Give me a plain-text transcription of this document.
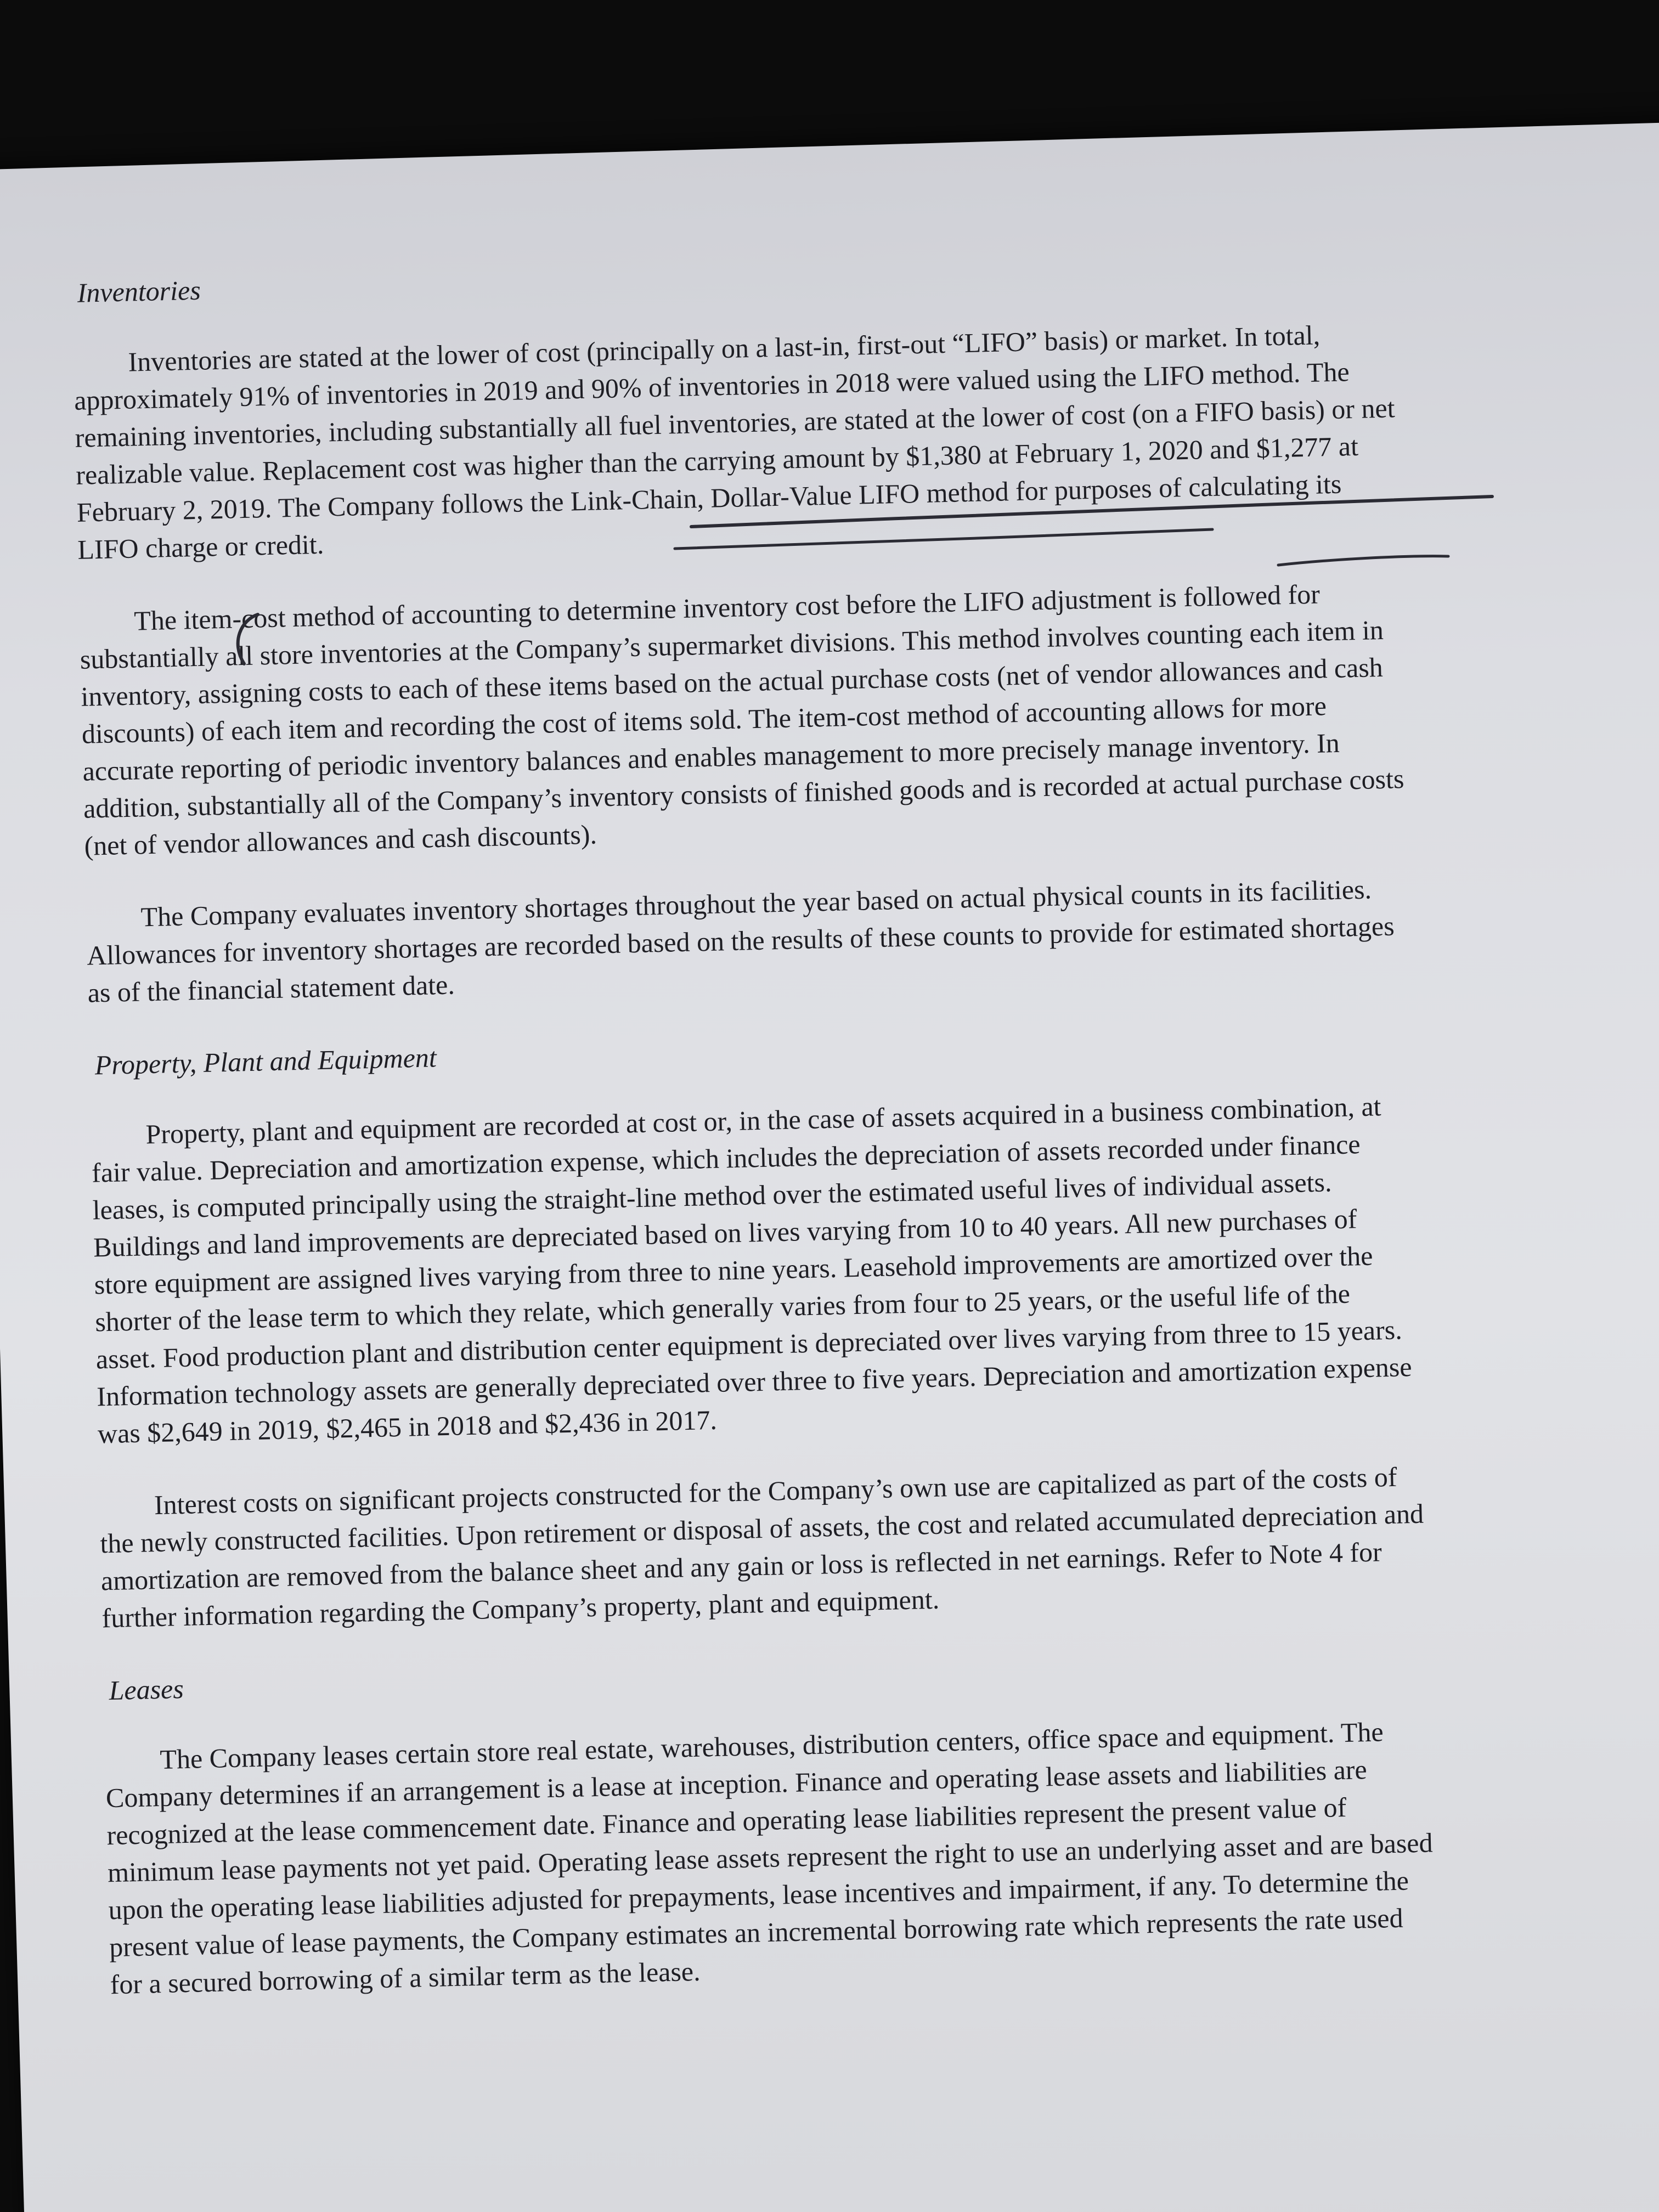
Inventories

Inventories are stated at the lower of cost (principally on a last-in, first-out “LIFO” basis) or market. In total,
approximately 91% of inventories in 2019 and 90% of inventories in 2018 were valued using the LIFO method. The
remaining inventories, including substantially all fuel inventories, are stated at the lower of cost (on a FIFO basis) or net
realizable value. Replacement cost was higher than the carrying amount by $1,380 at February 1, 2020 and $1,277 at
February 2, 2019. The Company follows the Link-Chain, Dollar-Value LIFO method for purposes of calculating its
LIFO charge or credit.

The item-cost method of accounting to determine inventory cost before the LIFO adjustment is followed for
substantially all store inventories at the Company’s supermarket divisions. This method involves counting each item in
inventory, assigning costs to each of these items based on the actual purchase costs (net of vendor allowances and cash
discounts) of each item and recording the cost of items sold. The item-cost method of accounting allows for more
accurate reporting of periodic inventory balances and enables management to more precisely manage inventory. In
addition, substantially all of the Company’s inventory consists of finished goods and is recorded at actual purchase costs
(net of vendor allowances and cash discounts).

The Company evaluates inventory shortages throughout the year based on actual physical counts in its facilities.
Allowances for inventory shortages are recorded based on the results of these counts to provide for estimated shortages
as of the financial statement date.

Property, Plant and Equipment

Property, plant and equipment are recorded at cost or, in the case of assets acquired in a business combination, at
fair value. Depreciation and amortization expense, which includes the depreciation of assets recorded under finance
leases, is computed principally using the straight-line method over the estimated useful lives of individual assets.
Buildings and land improvements are depreciated based on lives varying from 10 to 40 years. All new purchases of
store equipment are assigned lives varying from three to nine years. Leasehold improvements are amortized over the
shorter of the lease term to which they relate, which generally varies from four to 25 years, or the useful life of the
asset. Food production plant and distribution center equipment is depreciated over lives varying from three to 15 years.
Information technology assets are generally depreciated over three to five years. Depreciation and amortization expense
was $2,649 in 2019, $2,465 in 2018 and $2,436 in 2017.

Interest costs on significant projects constructed for the Company’s own use are capitalized as part of the costs of
the newly constructed facilities. Upon retirement or disposal of assets, the cost and related accumulated depreciation and
amortization are removed from the balance sheet and any gain or loss is reflected in net earnings. Refer to Note 4 for
further information regarding the Company’s property, plant and equipment.

Leases

The Company leases certain store real estate, warehouses, distribution centers, office space and equipment. The
Company determines if an arrangement is a lease at inception. Finance and operating lease assets and liabilities are
recognized at the lease commencement date. Finance and operating lease liabilities represent the present value of
minimum lease payments not yet paid. Operating lease assets represent the right to use an underlying asset and are based
upon the operating lease liabilities adjusted for prepayments, lease incentives and impairment, if any. To determine the
present value of lease payments, the Company estimates an incremental borrowing rate which represents the rate used
for a secured borrowing of a similar term as the lease.
